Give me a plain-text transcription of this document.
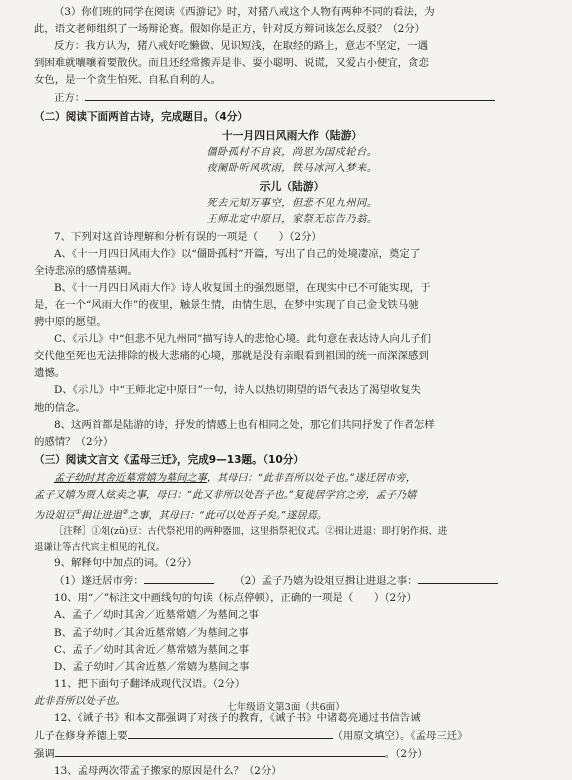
（3）你们班的同学在阅读《西游记》时，对猪八戒这个人物有两种不同的看法，为
此，语文老师组织了一场辩论赛。假如你是正方，针对反方辩词该怎么反驳？（2分）
反方：我方认为，猪八戒好吃懒做、见识短浅，在取经的路上，意志不坚定，一遇
到困难就嚷嚷着要散伙。而且还经常搬弄是非、耍小聪明、说谎，又爱占小便宜，贪恋
女色，是一个贪生怕死、自私自利的人。
正方：
（二）阅读下面两首古诗，完成题目。（4分）
十一月四日风雨大作（陆游）
僵卧孤村不自哀，尚思为国戍轮台。
夜阑卧听风吹雨，铁马冰河入梦来。
示儿（陆游）
死去元知万事空，但悲不见九州同。
王师北定中原日，家祭无忘告乃翁。
7、下列对这首诗理解和分析有误的一项是（　　）（2分）
A、《十一月四日风雨大作》以“僵卧孤村”开篇，写出了自己的处境凄凉，奠定了
全诗悲凉的感情基调。
B、《十一月四日风雨大作》诗人收复国土的强烈愿望，在现实中已不可能实现，于
是，在一个“风雨大作”的夜里，触景生情，由情生思，在梦中实现了自己金戈铁马驰
骋中原的愿望。
C、《示儿》中“但悲不见九州同”描写诗人的悲怆心境。此句意在表达诗人向儿子们
交代他至死也无法排除的极大悲痛的心境，那就是没有亲眼看到祖国的统一而深深感到
遗憾。
D、《示儿》中“王师北定中原日”一句，诗人以热切期望的语气表达了渴望收复失
地的信念。
8、这两首都是陆游的诗，抒发的情感上也有相同之处，那它们共同抒发了作者怎样
的感情？（2分）
（三）阅读文言文《孟母三迁》，完成9—13题。（10分）
孟子幼时其舍近墓常嬉为墓间之事，其母曰：“此非吾所以处子也。”遂迁居市旁，
孟子又嬉为贾人炫卖之事，母曰：“此又非所以处吾子也。”复徙居学宫之旁，孟子乃嬉
为设俎豆①揖让进退②之事，其母曰：“此可以处吾子矣。”遂居焉。
［注释］①俎(zǔ)豆：古代祭祀用的两种器皿，这里指祭祀仪式。②揖让进退：即打躬作揖、进
退谦让等古代宾主相见的礼仪。
9、解释句中加点的词。（2分）
（1）遂迁居市旁：	（2）孟子乃嬉为设俎豆揖让进退之事：
10、用“／”标注文中画线句的句读（标点停顿），正确的一项是（　　）（2分）
A、孟子／幼时其舍／近墓常嬉／为墓间之事
B、孟子幼时／其舍近墓常嬉／为墓间之事
C、孟子／幼时其舍近／墓常嬉为墓间之事
D、孟子幼时／其舍近墓／常嬉为墓间之事
11、把下面句子翻译成现代汉语。（2分）
此非吾所以处子也。
12、《诫子书》和本文都强调了对孩子的教育，《诫子书》中诸葛亮通过书信告诫
儿子在修身养德上要	（用原文填空）。《孟母三迁》
强调	。（2分）
13、孟母两次带孟子搬家的原因是什么？（2分）
七年级语文第3面（共6面）
